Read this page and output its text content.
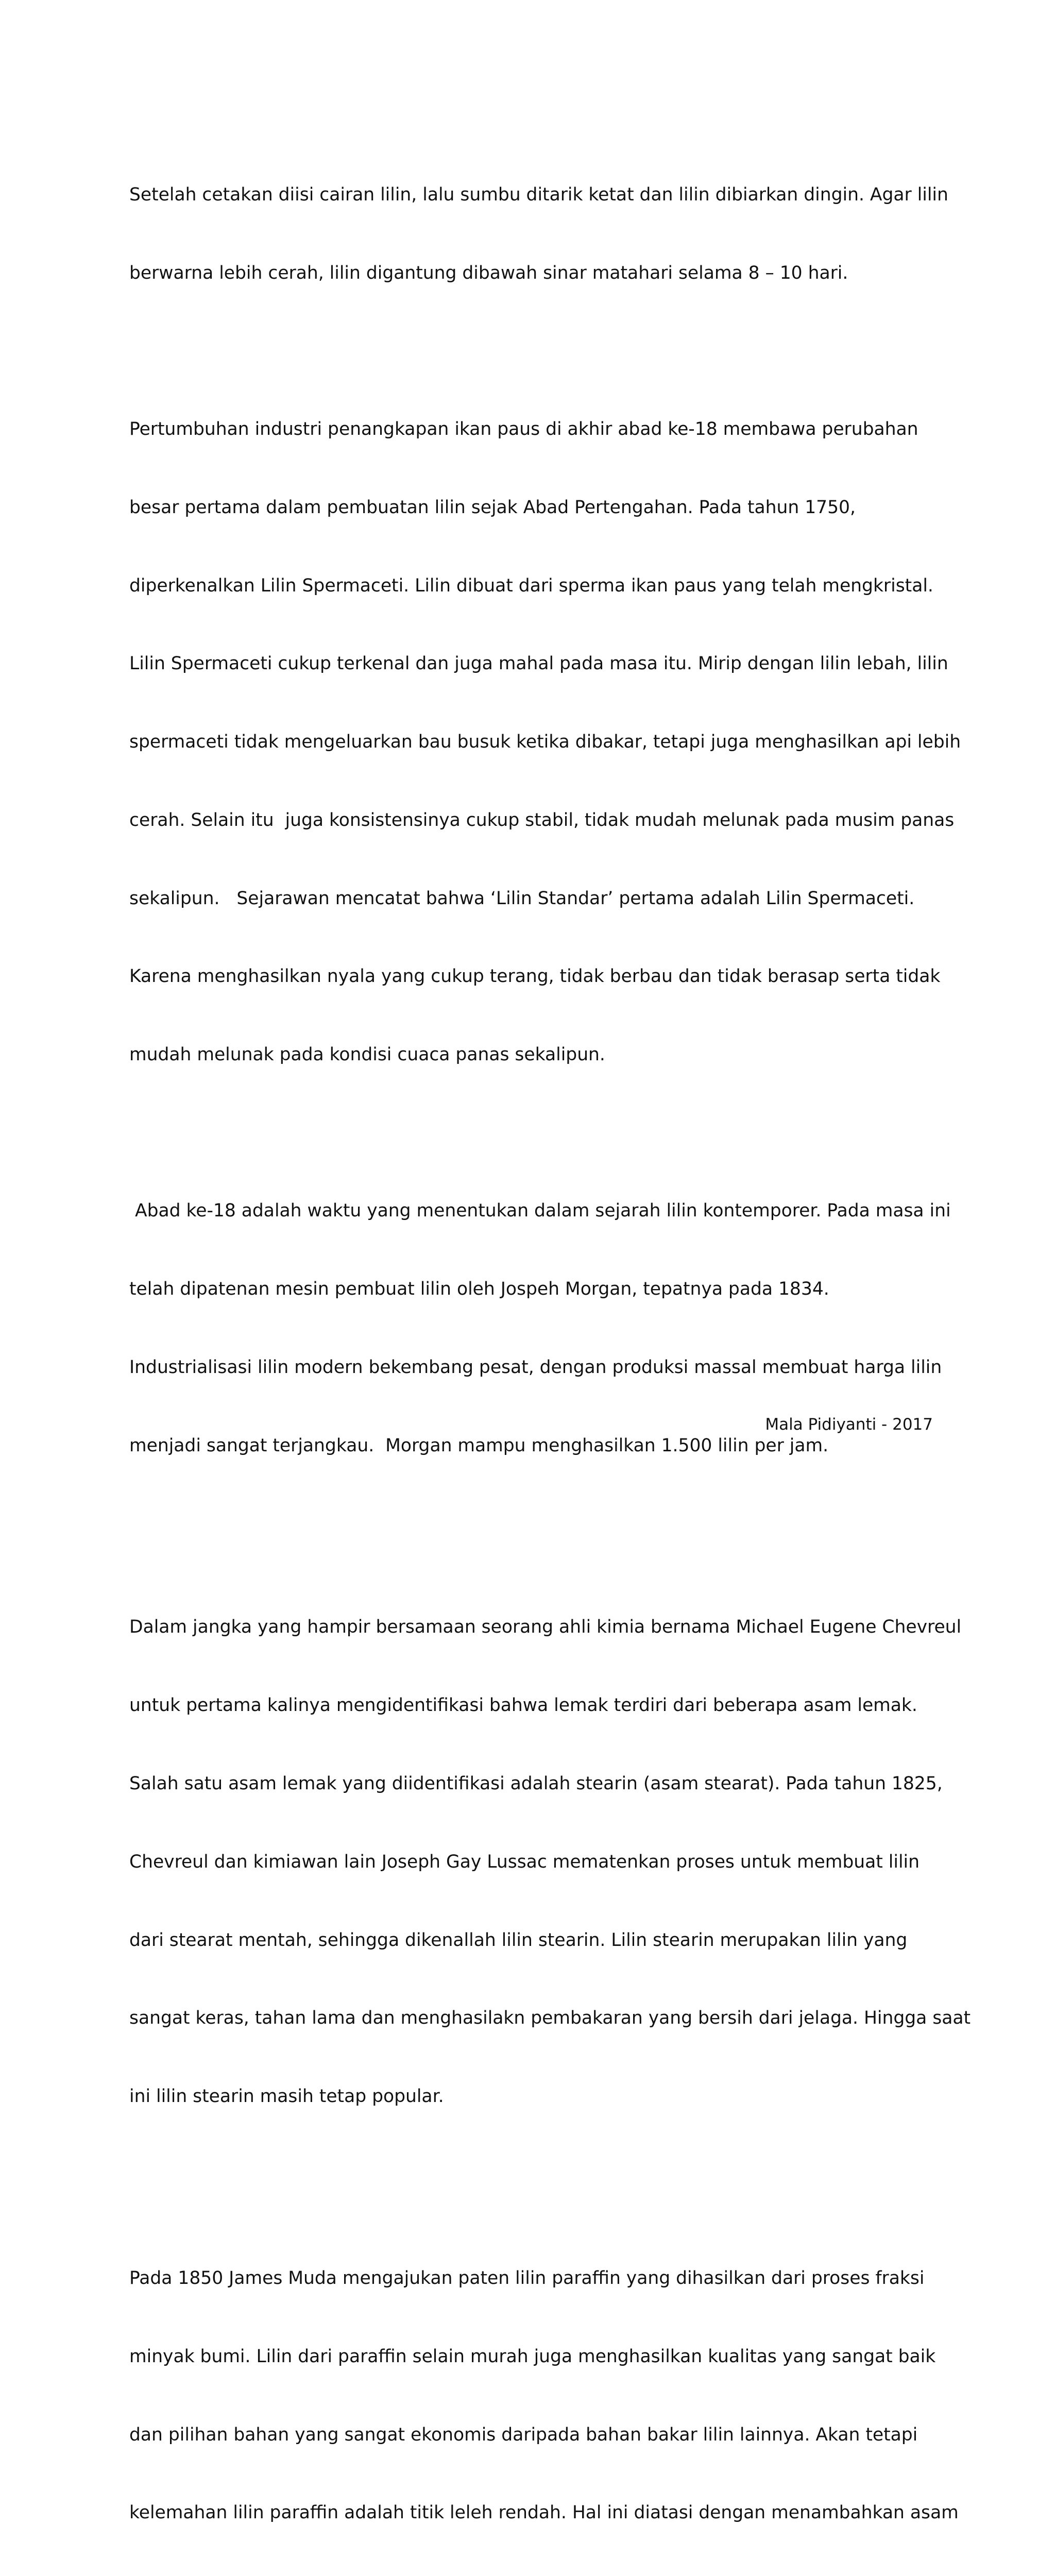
Setelah cetakan diisi cairan lilin, lalu sumbu ditarik ketat dan lilin dibiarkan dingin. Agar lilin

berwarna lebih cerah, lilin digantung dibawah sinar matahari selama 8 – 10 hari.

Pertumbuhan industri penangkapan ikan paus di akhir abad ke-18 membawa perubahan

besar pertama dalam pembuatan lilin sejak Abad Pertengahan. Pada tahun 1750,

diperkenalkan Lilin Spermaceti. Lilin dibuat dari sperma ikan paus yang telah mengkristal.

Lilin Spermaceti cukup terkenal dan juga mahal pada masa itu. Mirip dengan lilin lebah, lilin

spermaceti tidak mengeluarkan bau busuk ketika dibakar, tetapi juga menghasilkan api lebih

cerah. Selain itu  juga konsistensinya cukup stabil, tidak mudah melunak pada musim panas

sekalipun.   Sejarawan mencatat bahwa ‘Lilin Standar’ pertama adalah Lilin Spermaceti.

Karena menghasilkan nyala yang cukup terang, tidak berbau dan tidak berasap serta tidak

mudah melunak pada kondisi cuaca panas sekalipun.

Abad ke-18 adalah waktu yang menentukan dalam sejarah lilin kontemporer. Pada masa ini

telah dipatenan mesin pembuat lilin oleh Jospeh Morgan, tepatnya pada 1834.

Industrialisasi lilin modern bekembang pesat, dengan produksi massal membuat harga lilin

menjadi sangat terjangkau.  Morgan mampu menghasilkan 1.500 lilin per jam.

Dalam jangka yang hampir bersamaan seorang ahli kimia bernama Michael Eugene Chevreul

untuk pertama kalinya mengidentifikasi bahwa lemak terdiri dari beberapa asam lemak.

Salah satu asam lemak yang diidentifikasi adalah stearin (asam stearat). Pada tahun 1825,

Chevreul dan kimiawan lain Joseph Gay Lussac mematenkan proses untuk membuat lilin

dari stearat mentah, sehingga dikenallah lilin stearin. Lilin stearin merupakan lilin yang

sangat keras, tahan lama dan menghasilakn pembakaran yang bersih dari jelaga. Hingga saat

ini lilin stearin masih tetap popular.

Pada 1850 James Muda mengajukan paten lilin paraffin yang dihasilkan dari proses fraksi

minyak bumi. Lilin dari paraffin selain murah juga menghasilkan kualitas yang sangat baik

dan pilihan bahan yang sangat ekonomis daripada bahan bakar lilin lainnya. Akan tetapi

kelemahan lilin paraffin adalah titik leleh rendah. Hal ini diatasi dengan menambahkan asam

Mala Pidiyanti - 2017
